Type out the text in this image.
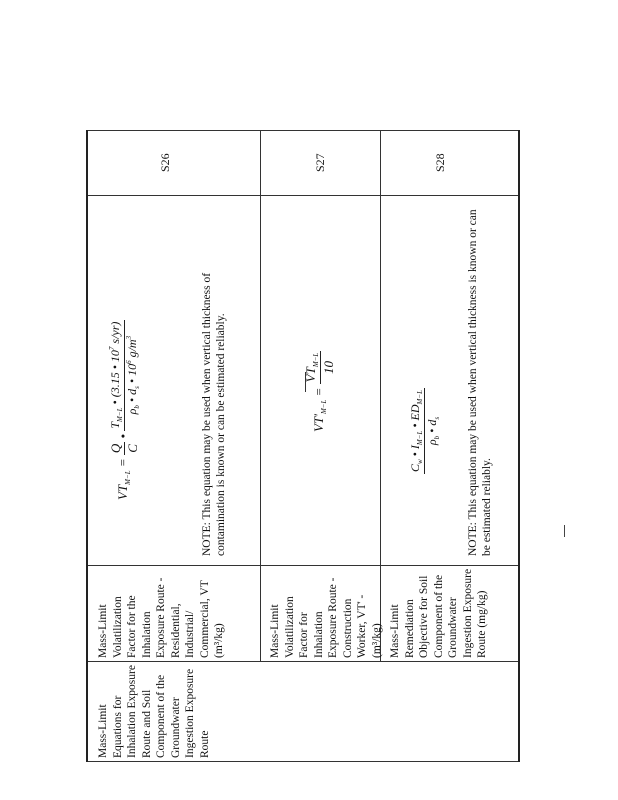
Mass-Limit Equations for Inhalation Exposure Route and Soil Component of the Groundwater Ingestion Exposure Route
Mass-Limit Volatilization Factor for the Inhalation Exposure Route - Residential, Industrial/ Commercial, VT (m³/kg)
$VT_{M-L}$ =
Q C
•
$T_{M-L}$ • (3.15 • $10^7$ s/yr)
$\rho_b$ • $d_s$ • $10^6$ $g/m^3$	NOTE: This equation may be used when vertical thickness of contamination is known or can be estimated reliably.
S26
Mass-Limit Volatilization Factor for Inhalation Exposure Route - Construction Worker, VT' - (m³/kg)
$VT'_{M-L}$ =
$VT_{M-L}$
10
S27
Mass-Limit Remediation Objective for Soil Component of the Groundwater Ingestion Exposure Route (mg/kg)
$C_w$ • $I_{M-L}$ • $ED_{M-L}$
$\rho_b$ • $d_s$ NOTE: This equation may be used when vertical thickness is known or can be estimated reliably.
S28
